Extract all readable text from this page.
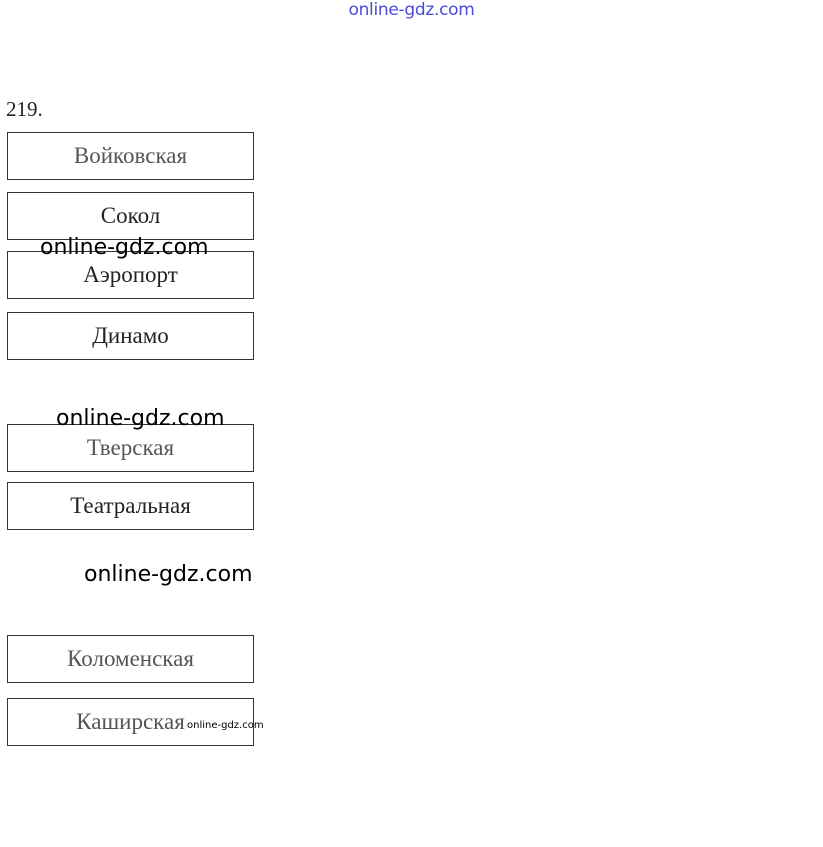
online-gdz.com
219.
Войковская
Сокол
Аэропорт
Динамо
Тверская
Театральная
Коломенская
Каширская
online-gdz.com
online-gdz.com
online-gdz.com
online-gdz.com
